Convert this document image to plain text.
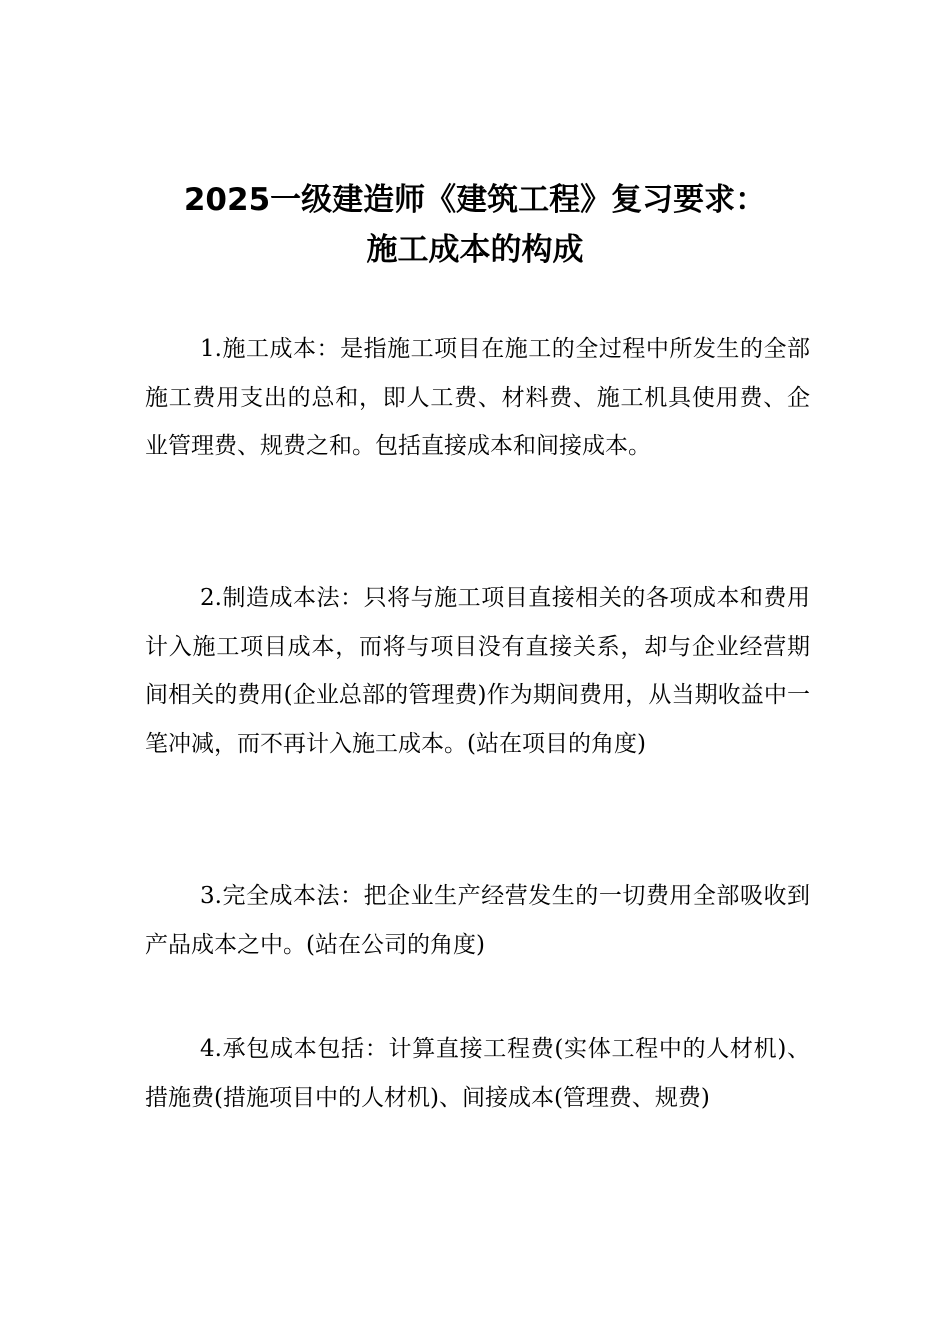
2025一级建造师《建筑工程》复习要求：
施工成本的构成

1.施工成本：是指施工项目在施工的全过程中所发生的全部施工费用支出的总和，即人工费、材料费、施工机具使用费、企业管理费、规费之和。包括直接成本和间接成本。

2.制造成本法：只将与施工项目直接相关的各项成本和费用计入施工项目成本，而将与项目没有直接关系，却与企业经营期间相关的费用(企业总部的管理费)作为期间费用，从当期收益中一笔冲减，而不再计入施工成本。(站在项目的角度)

3.完全成本法：把企业生产经营发生的一切费用全部吸收到产品成本之中。(站在公司的角度)

4.承包成本包括：计算直接工程费(实体工程中的人材机)、措施费(措施项目中的人材机)、间接成本(管理费、规费)
